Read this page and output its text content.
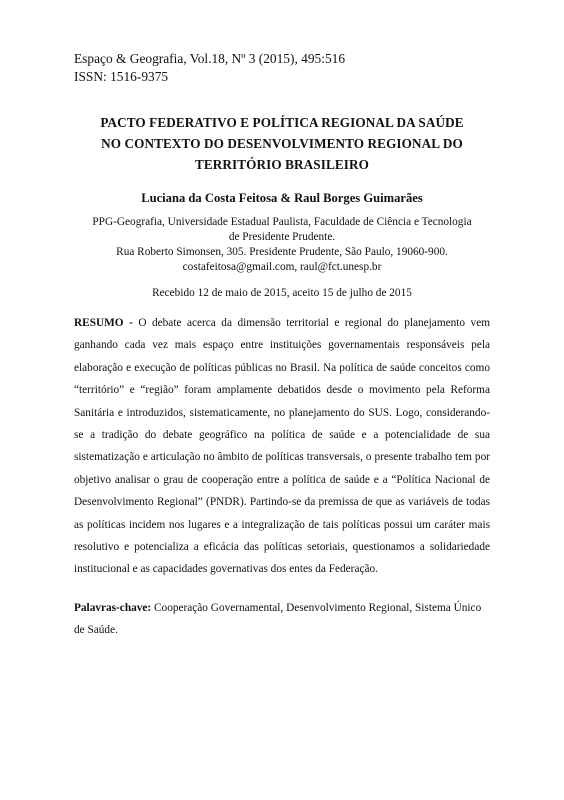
Espaço & Geografia, Vol.18, Nº 3 (2015), 495:516
ISSN: 1516-9375
PACTO FEDERATIVO E POLÍTICA REGIONAL DA SAÚDE
NO CONTEXTO DO DESENVOLVIMENTO REGIONAL DO
TERRITÓRIO BRASILEIRO
Luciana da Costa Feitosa & Raul Borges Guimarães
PPG-Geografia, Universidade Estadual Paulista, Faculdade de Ciência e Tecnologia
de Presidente Prudente.
Rua Roberto Simonsen, 305. Presidente Prudente, São Paulo, 19060-900.
costafeitosa@gmail.com, raul@fct.unesp.br
Recebido 12 de maio de 2015, aceito 15 de julho de 2015
RESUMO - O debate acerca da dimensão territorial e regional do planejamento vem ganhando cada vez mais espaço entre instituições governamentais responsáveis pela elaboração e execução de políticas públicas no Brasil. Na política de saúde conceitos como “território” e “região” foram amplamente debatidos desde o movimento pela Reforma Sanitária e introduzidos, sistematicamente, no planejamento do SUS. Logo, considerando-se a tradição do debate geográfico na política de saúde e a potencialidade de sua sistematização e articulação no âmbito de políticas transversais, o presente trabalho tem por objetivo analisar o grau de cooperação entre a política de saúde e a “Política Nacional de Desenvolvimento Regional” (PNDR). Partindo-se da premissa de que as variáveis de todas as políticas incidem nos lugares e a integralização de tais políticas possui um caráter mais resolutivo e potencializa a eficácia das políticas setoriais, questionamos a solidariedade institucional e as capacidades governativas dos entes da Federação.
Palavras-chave: Cooperação Governamental, Desenvolvimento Regional, Sistema Único de Saúde.
